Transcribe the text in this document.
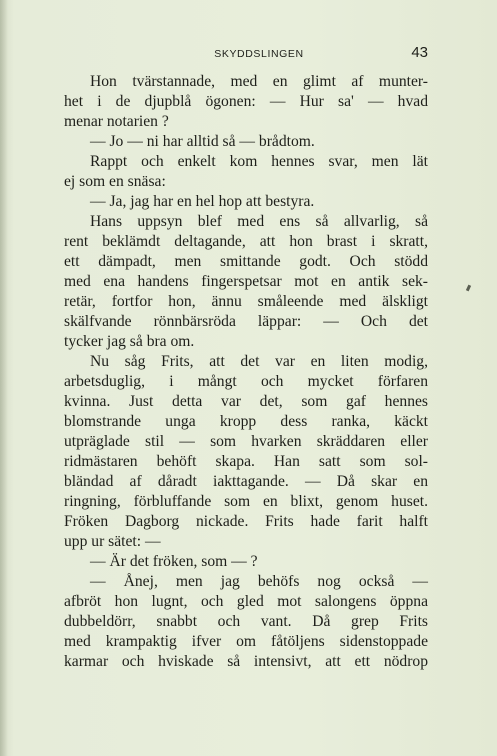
SKYDDSLINGEN	43
Hon tvärstannade, med en glimt af munter-
het i de djupblå ögonen: — Hur sa' — hvad
menar notarien ?
— Jo — ni har alltid så — brådtom.
Rappt och enkelt kom hennes svar, men lät
ej som en snäsa:
— Ja, jag har en hel hop att bestyra.
Hans uppsyn blef med ens så allvarlig, så
rent beklämdt deltagande, att hon brast i skratt,
ett dämpadt, men smittande godt. Och stödd
med ena handens fingerspetsar mot en antik sek-
retär, fortfor hon, ännu småleende med älskligt
skälfvande rönnbärsröda läppar: — Och det
tycker jag så bra om.
Nu såg Frits, att det var en liten modig,
arbetsduglig, i mångt och mycket förfaren
kvinna. Just detta var det, som gaf hennes
blomstrande unga kropp dess ranka, käckt
utpräglade stil — som hvarken skräddaren eller
ridmästaren behöft skapa. Han satt som sol-
bländad af dåradt iakttagande. — Då skar en
ringning, förbluffande som en blixt, genom huset.
Fröken Dagborg nickade. Frits hade farit halft
upp ur sätet: —
— Är det fröken, som — ?
— Ånej, men jag behöfs nog också —
afbröt hon lugnt, och gled mot salongens öppna
dubbeldörr, snabbt och vant. Då grep Frits
med krampaktig ifver om fåtöljens sidenstoppade
karmar och hviskade så intensivt, att ett nödrop
